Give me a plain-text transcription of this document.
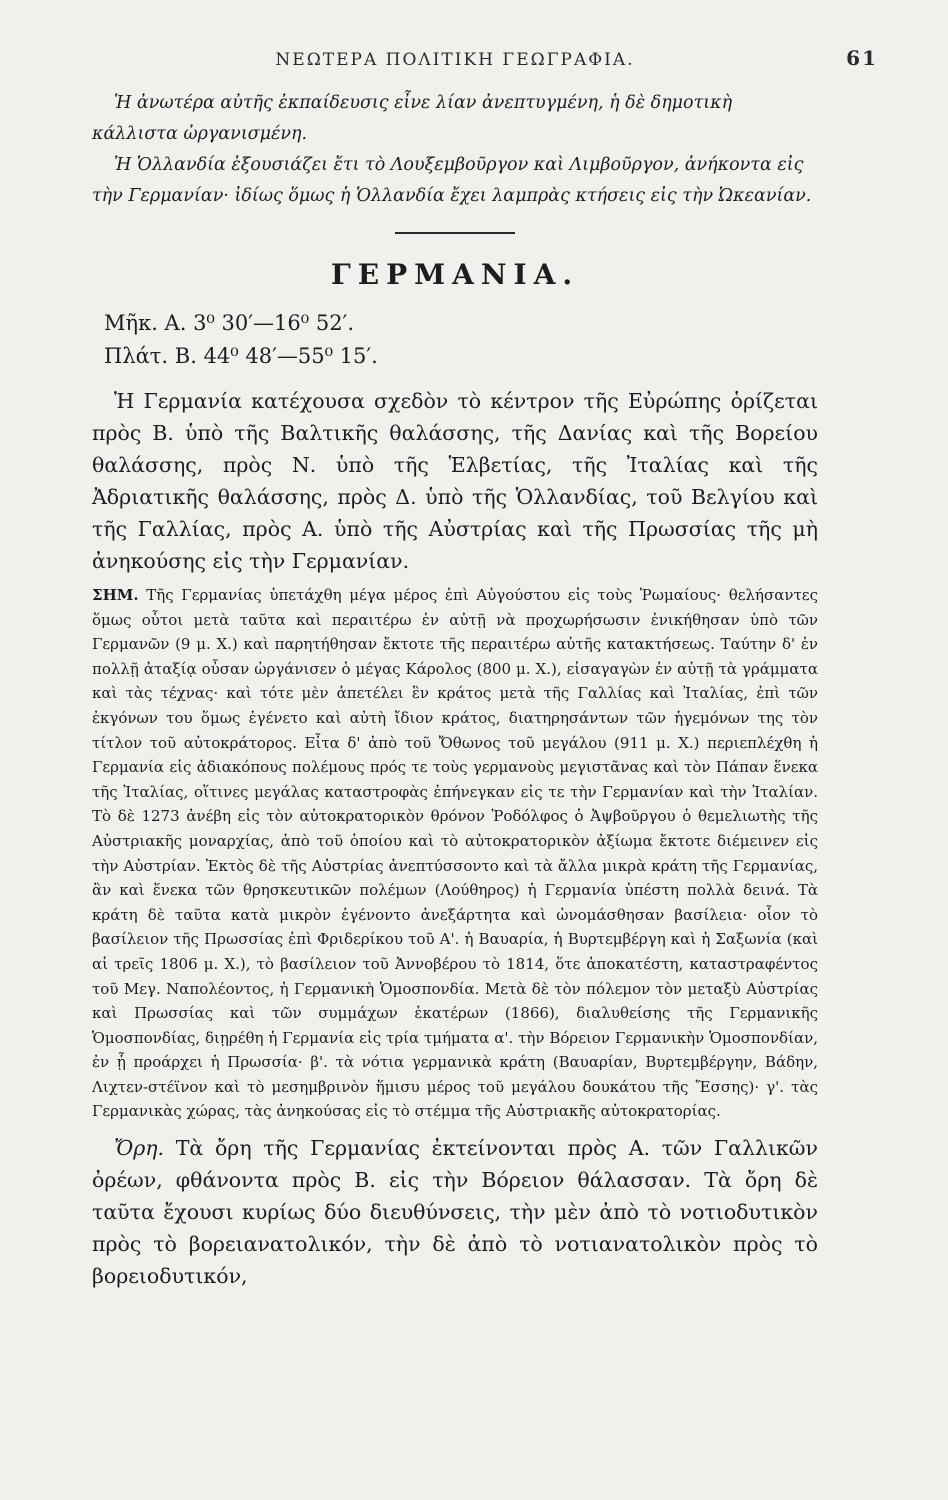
ΝΕΩΤΕΡΑ ΠΟΛΙΤΙΚΗ ΓΕΩΓΡΑΦΙΑ.	61

Ἡ ἀνωτέρα αὐτῆς ἐκπαίδευσις εἶνε λίαν ἀνεπτυγμένη, ἡ δὲ δημοτικὴ κάλλιστα ὠργανισμένη.

Ἡ Ὁλλανδία ἐξουσιάζει ἔτι τὸ Λουξεμβοῦργον καὶ Λιμβοῦργον, ἀνήκοντα εἰς τὴν Γερμανίαν· ἰδίως ὅμως ἡ Ὁλλανδία ἔχει λαμπρὰς κτήσεις εἰς τὴν Ὠκεανίαν.

ΓΕΡΜΑΝΙΑ.
Μῆκ. Α. 3⁰ 30′—16⁰ 52′.
Πλάτ. Β. 44⁰ 48′—55⁰ 15′.

Ἡ Γερμανία κατέχουσα σχεδὸν τὸ κέντρον τῆς Εὐρώπης ὁρίζεται πρὸς Β. ὑπὸ τῆς Βαλτικῆς θαλάσσης, τῆς Δανίας καὶ τῆς Βορείου θαλάσσης, πρὸς Ν. ὑπὸ τῆς Ἑλβετίας, τῆς Ἰταλίας καὶ τῆς Ἀδριατικῆς θαλάσσης, πρὸς Δ. ὑπὸ τῆς Ὁλλανδίας, τοῦ Βελγίου καὶ τῆς Γαλλίας, πρὸς Α. ὑπὸ τῆς Αὐστρίας καὶ τῆς Πρωσσίας τῆς μὴ ἀνηκούσης εἰς τὴν Γερμανίαν.

ΣΗΜ. Τῆς Γερμανίας ὑπετάχθη μέγα μέρος ἐπὶ Αὐγούστου εἰς τοὺς Ῥωμαίους· θελήσαντες ὅμως οὗτοι μετὰ ταῦτα καὶ περαιτέρω ἐν αὐτῇ νὰ προχωρήσωσιν ἐνικήθησαν ὑπὸ τῶν Γερμανῶν (9 μ. Χ.) καὶ παρητήθησαν ἔκτοτε τῆς περαιτέρω αὐτῆς κατακτήσεως. Ταύτην δ' ἐν πολλῇ ἀταξίᾳ οὖσαν ὠργάνισεν ὁ μέγας Κάρολος (800 μ. Χ.), εἰσαγαγὼν ἐν αὐτῇ τὰ γράμματα καὶ τὰς τέχνας· καὶ τότε μὲν ἀπετέλει ἓν κράτος μετὰ τῆς Γαλλίας καὶ Ἰταλίας, ἐπὶ τῶν ἐκγόνων του ὅμως ἐγένετο καὶ αὐτὴ ἴδιον κράτος, διατηρησάντων τῶν ἡγεμόνων της τὸν τίτλον τοῦ αὐτοκράτορος. Εἶτα δ' ἀπὸ τοῦ Ὄθωνος τοῦ μεγάλου (911 μ. Χ.) περιεπλέχθη ἡ Γερμανία εἰς ἀδιακόπους πολέμους πρός τε τοὺς γερμανοὺς μεγιστᾶνας καὶ τὸν Πάπαν ἕνεκα τῆς Ἰταλίας, οἵτινες μεγάλας καταστροφὰς ἐπήνεγκαν εἰς τε τὴν Γερμανίαν καὶ τὴν Ἰταλίαν. Τὸ δὲ 1273 ἀνέβη εἰς τὸν αὐτοκρατορικὸν θρόνον Ῥοδόλφος ὁ Ἀψβοῦργου ὁ θεμελιωτὴς τῆς Αὐστριακῆς μοναρχίας, ἀπὸ τοῦ ὁποίου καὶ τὸ αὐτοκρατορικὸν ἀξίωμα ἔκτοτε διέμεινεν εἰς τὴν Αὐστρίαν. Ἐκτὸς δὲ τῆς Αὐστρίας ἀνεπτύσσοντο καὶ τὰ ἄλλα μικρὰ κράτη τῆς Γερμανίας, ἂν καὶ ἕνεκα τῶν θρησκευτικῶν πολέμων (Λούθηρος) ἡ Γερμανία ὑπέστη πολλὰ δεινά. Τὰ κράτη δὲ ταῦτα κατὰ μικρὸν ἐγένοντο ἀνεξάρτητα καὶ ὠνομάσθησαν βασίλεια· οἷον τὸ βασίλειον τῆς Πρωσσίας ἐπὶ Φριδερίκου τοῦ Α'. ἡ Βαυαρία, ἡ Βυρτεμβέργη καὶ ἡ Σαξωνία (καὶ αἱ τρεῖς 1806 μ. Χ.), τὸ βασίλειον τοῦ Ἀννοβέρου τὸ 1814, ὅτε ἀποκατέστη, καταστραφέντος τοῦ Μεγ. Ναπολέοντος, ἡ Γερμανικὴ Ὁμοσπονδία. Μετὰ δὲ τὸν πόλεμον τὸν μεταξὺ Αὐστρίας καὶ Πρωσσίας καὶ τῶν συμμάχων ἑκατέρων (1866), διαλυθείσης τῆς Γερμανικῆς Ὁμοσπονδίας, διῃρέθη ἡ Γερμανία εἰς τρία τμήματα α'. τὴν Βόρειον Γερμανικὴν Ὁμοσπονδίαν, ἐν ᾗ προάρχει ἡ Πρωσσία· β'. τὰ νότια γερμανικὰ κράτη (Βαυαρίαν, Βυρτεμβέργην, Βάδην, Λιχτεν-στέϊνον καὶ τὸ μεσημβρινὸν ἥμισυ μέρος τοῦ μεγάλου δουκάτου τῆς Ἔσσης)· γ'. τὰς Γερμανικὰς χώρας, τὰς ἀνηκούσας εἰς τὸ στέμμα τῆς Αὐστριακῆς αὐτοκρατορίας.

Ὄρη. Τὰ ὄρη τῆς Γερμανίας ἐκτείνονται πρὸς Α. τῶν Γαλλικῶν ὀρέων, φθάνοντα πρὸς Β. εἰς τὴν Βόρειον θάλασσαν. Τὰ ὄρη δὲ ταῦτα ἔχουσι κυρίως δύο διευθύνσεις, τὴν μὲν ἀπὸ τὸ νοτιοδυτικὸν πρὸς τὸ βορειανατολικόν, τὴν δὲ ἀπὸ τὸ νοτιανατολικὸν πρὸς τὸ βορειοδυτικόν,
